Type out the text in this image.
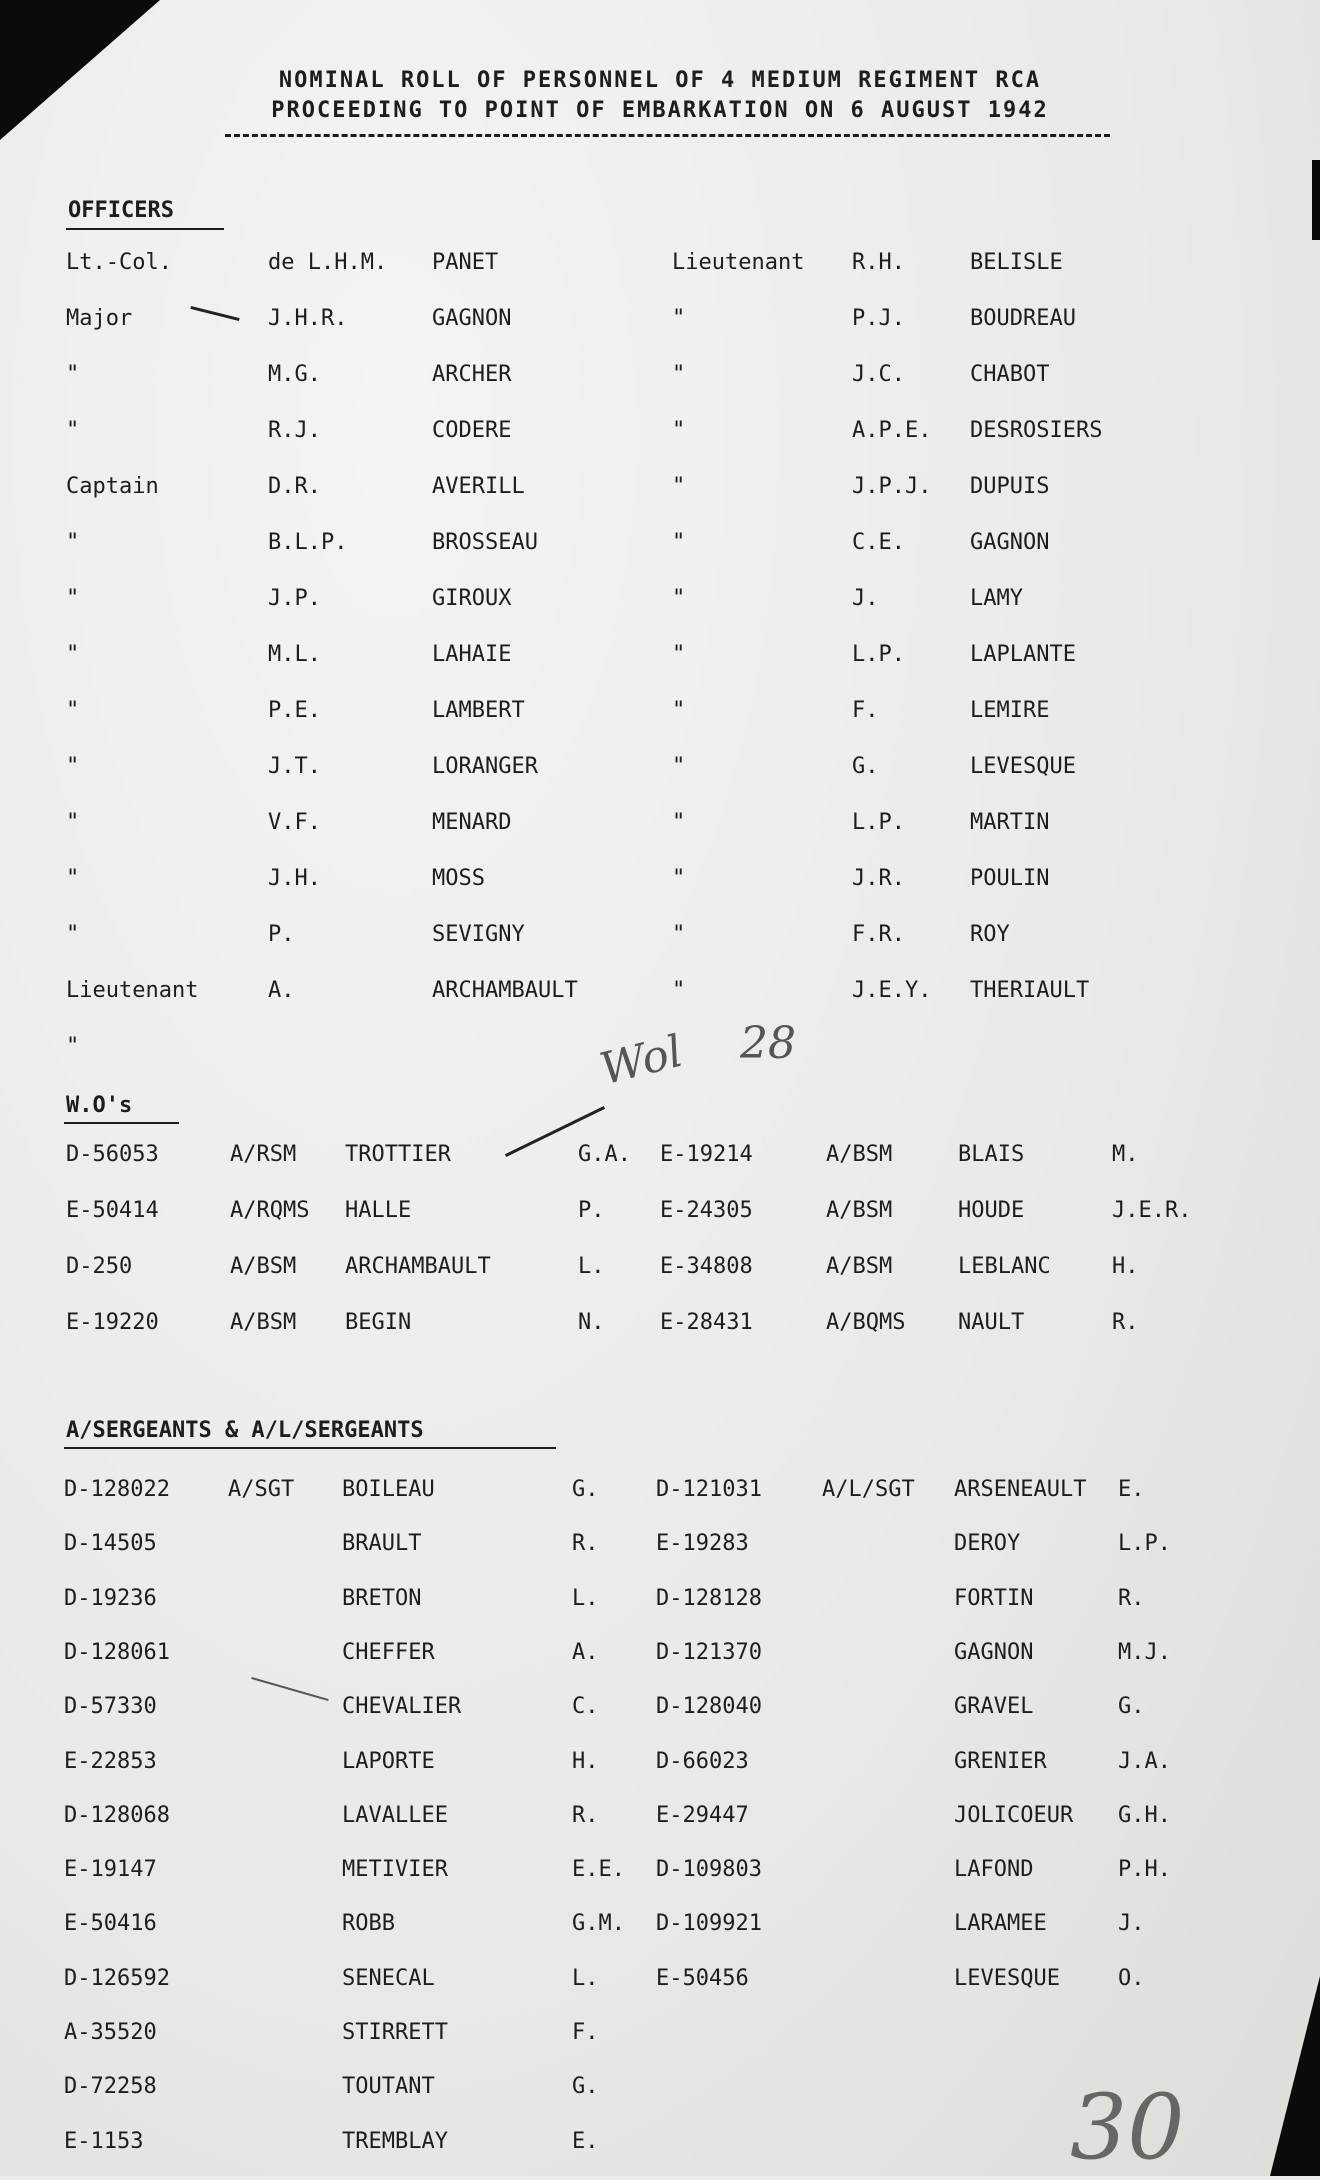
NOMINAL ROLL OF PERSONNEL OF 4 MEDIUM REGIMENT RCA
PROCEEDING TO POINT OF EMBARKATION ON 6 AUGUST 1942
OFFICERS
Lt.-Col.	de L.H.M.	PANET
Major	J.H.R.	GAGNON
"	M.G.	ARCHER
"	R.J.	CODERE
Captain	D.R.	AVERILL
"	B.L.P.	BROSSEAU
"	J.P.	GIROUX
"	M.L.	LAHAIE
"	P.E.	LAMBERT
"	J.T.	LORANGER
"	V.F.	MENARD
"	J.H.	MOSS
"	P.	SEVIGNY
Lieutenant	A.	ARCHAMBAULT
"
Lieutenant	R.H.	BELISLE
"	P.J.	BOUDREAU
"	J.C.	CHABOT
"	A.P.E.	DESROSIERS
"	J.P.J.	DUPUIS
"	C.E.	GAGNON
"	J.	LAMY
"	L.P.	LAPLANTE
"	F.	LEMIRE
"	G.	LEVESQUE
"	L.P.	MARTIN
"	J.R.	POULIN
"	F.R.	ROY
"	J.E.Y.	THERIAULT
W.O's
D-56053	A/RSM TROTTIER	G.A.
E-50414	A/RQMS HALLE	P.
D-250	A/BSM ARCHAMBAULT	L.
E-19220	A/BSM BEGIN	N.
E-19214	A/BSM	BLAIS	M.
E-24305	A/BSM	HOUDE	J.E.R.
E-34808	A/BSM	LEBLANC	H.
E-28431	A/BQMS NAULT	R.
A/SERGEANTS & A/L/SERGEANTS
D-128022	A/SGT BOILEAU	G.
D-14505	BRAULT	R.
D-19236	BRETON	L.
D-128061	CHEFFER	A.
D-57330	CHEVALIER	C.
E-22853	LAPORTE	H.
D-128068	LAVALLEE	R.
E-19147	METIVIER	E.E.
E-50416	ROBB	G.M.
D-126592	SENECAL	L.
A-35520	STIRRETT	F.
D-72258	TOUTANT	G.
E-1153	TREMBLAY	E.
D-121031	A/L/SGT ARSENEAULT	E.
E-19283	DEROY	L.P.
D-128128	FORTIN	R.
D-121370	GAGNON	M.J.
D-128040	GRAVEL	G.
D-66023	GRENIER	J.A.
E-29447	JOLICOEUR	G.H.
D-109803	LAFOND	P.H.
D-109921	LARAMEE	J.
E-50456	LEVESQUE	O.
Wol 28
30
